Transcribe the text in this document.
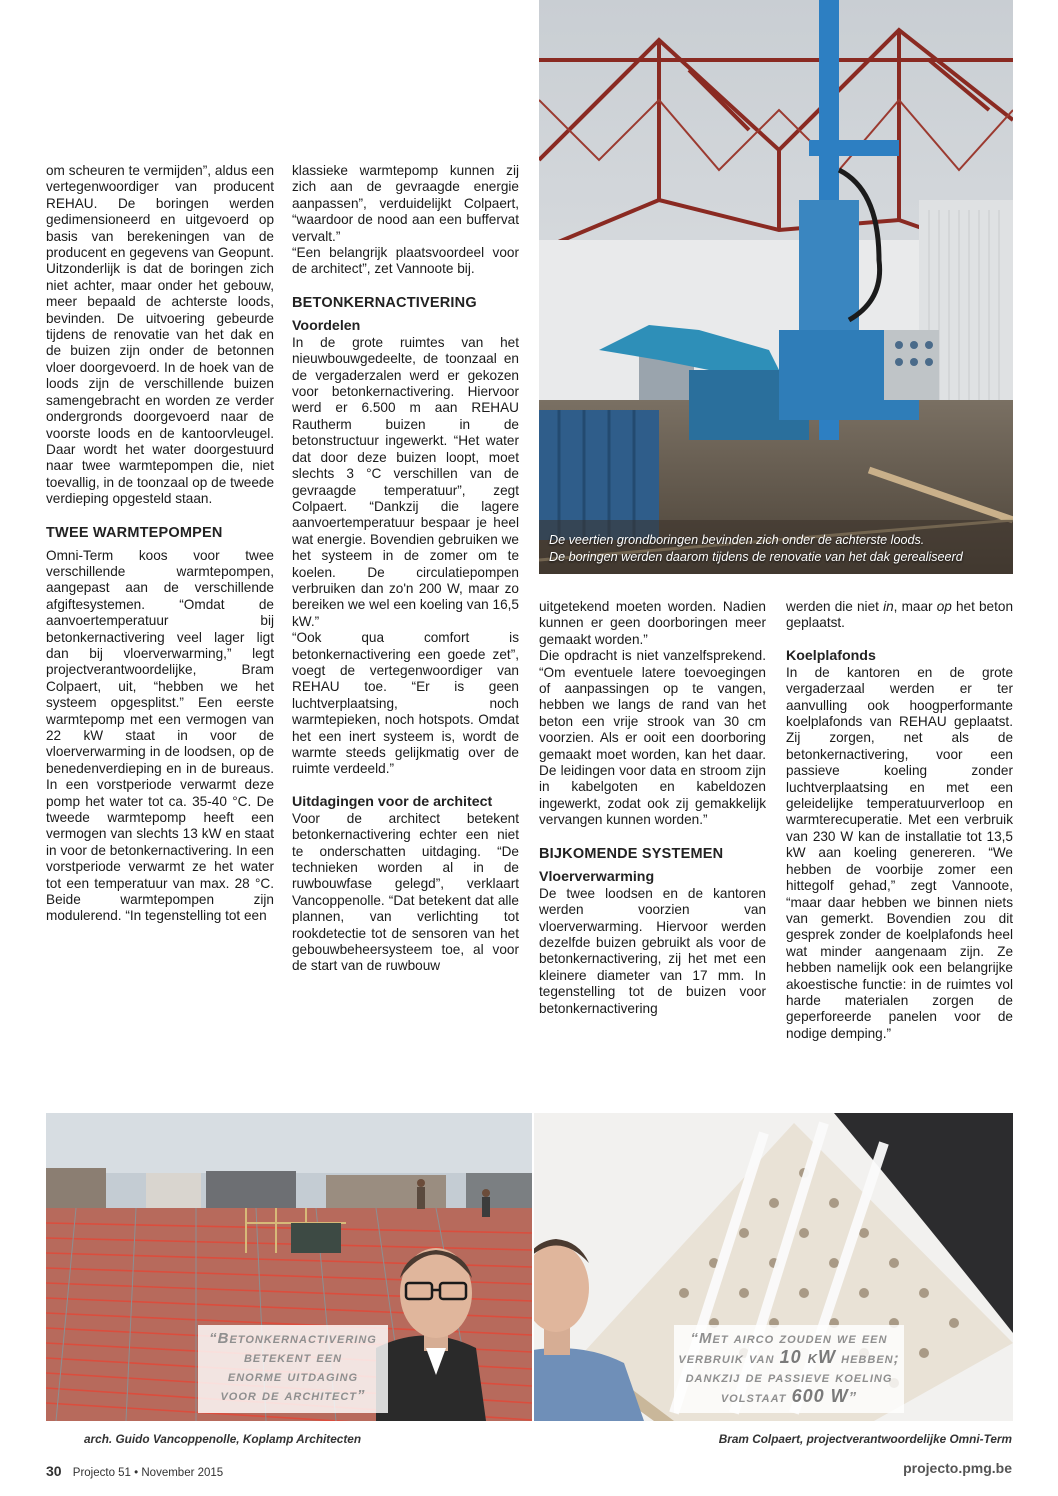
De veertien grondboringen bevinden zich onder de achterste loods.
De boringen werden daarom tijdens de renovatie van het dak gerealiseerd

om scheuren te vermijden”, aldus een vertegenwoordiger van producent REHAU. De boringen werden gedimensioneerd en uitgevoerd op basis van berekeningen van de producent en gegevens van Geopunt. Uitzonderlijk is dat de boringen zich niet achter, maar onder het gebouw, meer bepaald de achterste loods, bevinden. De uitvoering gebeurde tijdens de renovatie van het dak en de buizen zijn onder de betonnen vloer doorgevoerd. In de hoek van de loods zijn de verschillende buizen samengebracht en worden ze verder ondergronds doorgevoerd naar de voorste loods en de kantoorvleugel. Daar wordt het water doorgestuurd naar twee warmtepompen die, niet toevallig, in de toonzaal op de tweede verdieping opgesteld staan.

TWEE WARMTEPOMPEN

Omni-Term koos voor twee verschillende warmtepompen, aangepast aan de verschillende afgiftesystemen. “Omdat de aanvoertemperatuur bij betonkernactivering veel lager ligt dan bij vloerverwarming,” legt projectverantwoordelijke, Bram Colpaert, uit, “hebben we het systeem opgesplitst.” Een eerste warmtepomp met een vermogen van 22 kW staat in voor de vloerverwarming in de loodsen, op de benedenverdieping en in de bureaus. In een vorstperiode verwarmt deze pomp het water tot ca. 35-40 °C. De tweede warmtepomp heeft een vermogen van slechts 13 kW en staat in voor de betonkernactivering. In een vorstperiode verwarmt ze het water tot een temperatuur van max. 28 °C. Beide warmtepompen zijn modulerend. “In tegenstelling tot een

klassieke warmtepomp kunnen zij zich aan de gevraagde energie aanpassen”, verduidelijkt Colpaert, “waardoor de nood aan een buffervat vervalt.”

“Een belangrijk plaatsvoordeel voor de architect”, zet Vannoote bij.

BETONKERNACTIVERING
Voordelen

In de grote ruimtes van het nieuwbouwgedeelte, de toonzaal en de vergaderzalen werd er gekozen voor betonkernactivering. Hiervoor werd er 6.500 m aan REHAU Rautherm buizen in de betonstructuur ingewerkt. “Het water dat door deze buizen loopt, moet slechts 3 °C verschillen van de gevraagde temperatuur”, zegt Colpaert. “Dankzij die lagere aanvoertemperatuur bespaar je heel wat energie. Bovendien gebruiken we het systeem in de zomer om te koelen. De circulatiepompen verbruiken dan zo'n 200 W, maar zo bereiken we wel een koeling van 16,5 kW.”

“Ook qua comfort is betonkernactivering een goede zet”, voegt de vertegenwoordiger van REHAU toe. “Er is geen luchtverplaatsing, noch warmtepieken, noch hotspots. Omdat het een inert systeem is, wordt de warmte steeds gelijkmatig over de ruimte verdeeld.”

Uitdagingen voor de architect

Voor de architect betekent betonkernactivering echter een niet te onderschatten uitdaging. “De technieken worden al in de ruwbouwfase gelegd”, verklaart Vancoppenolle. “Dat betekent dat alle plannen, van verlichting tot rookdetectie tot de sensoren van het gebouwbeheersysteem toe, al voor de start van de ruwbouw

uitgetekend moeten worden. Nadien kunnen er geen doorboringen meer gemaakt worden.”

Die opdracht is niet vanzelfsprekend. “Om eventuele latere toevoegingen of aanpassingen op te vangen, hebben we langs de rand van het beton een vrije strook van 30 cm voorzien. Als er ooit een doorboring gemaakt moet worden, kan het daar. De leidingen voor data en stroom zijn in kabelgoten en kabeldozen ingewerkt, zodat ook zij gemakkelijk vervangen kunnen worden.”

BIJKOMENDE SYSTEMEN
Vloerverwarming

De twee loodsen en de kantoren werden voorzien van vloerverwarming. Hiervoor werden dezelfde buizen gebruikt als voor de betonkernactivering, zij het met een kleinere diameter van 17 mm. In tegenstelling tot de buizen voor betonkernactivering

werden die niet in, maar op het beton geplaatst.

Koelplafonds

In de kantoren en de grote vergaderzaal werden er ter aanvulling ook hoogperformante koelplafonds van REHAU geplaatst. Zij zorgen, net als de betonkernactivering, voor een passieve koeling zonder luchtverplaatsing en met een geleidelijke temperatuurverloop en warmterecuperatie. Met een verbruik van 230 W kan de installatie tot 13,5 kW aan koeling genereren. “We hebben de voorbije zomer een hittegolf gehad,” zegt Vannoote, “maar daar hebben we binnen niets van gemerkt. Bovendien zou dit gesprek zonder de koelplafonds heel wat minder aangenaam zijn. Ze hebben namelijk ook een belangrijke akoestische functie: in de ruimtes vol harde materialen zorgen de geperforeerde panelen voor de nodige demping.”

“Betonkernactivering
betekent een
enorme uitdaging
voor de architect”
“Met airco zouden we een
verbruik van 10 kW hebben;
dankzij de passieve koeling
volstaat 600 W”
arch. Guido Vancoppenolle, Koplamp Architecten	Bram Colpaert, projectverantwoordelijke Omni-Term
30 Projecto 51 • November 2015	projecto.pmg.be
